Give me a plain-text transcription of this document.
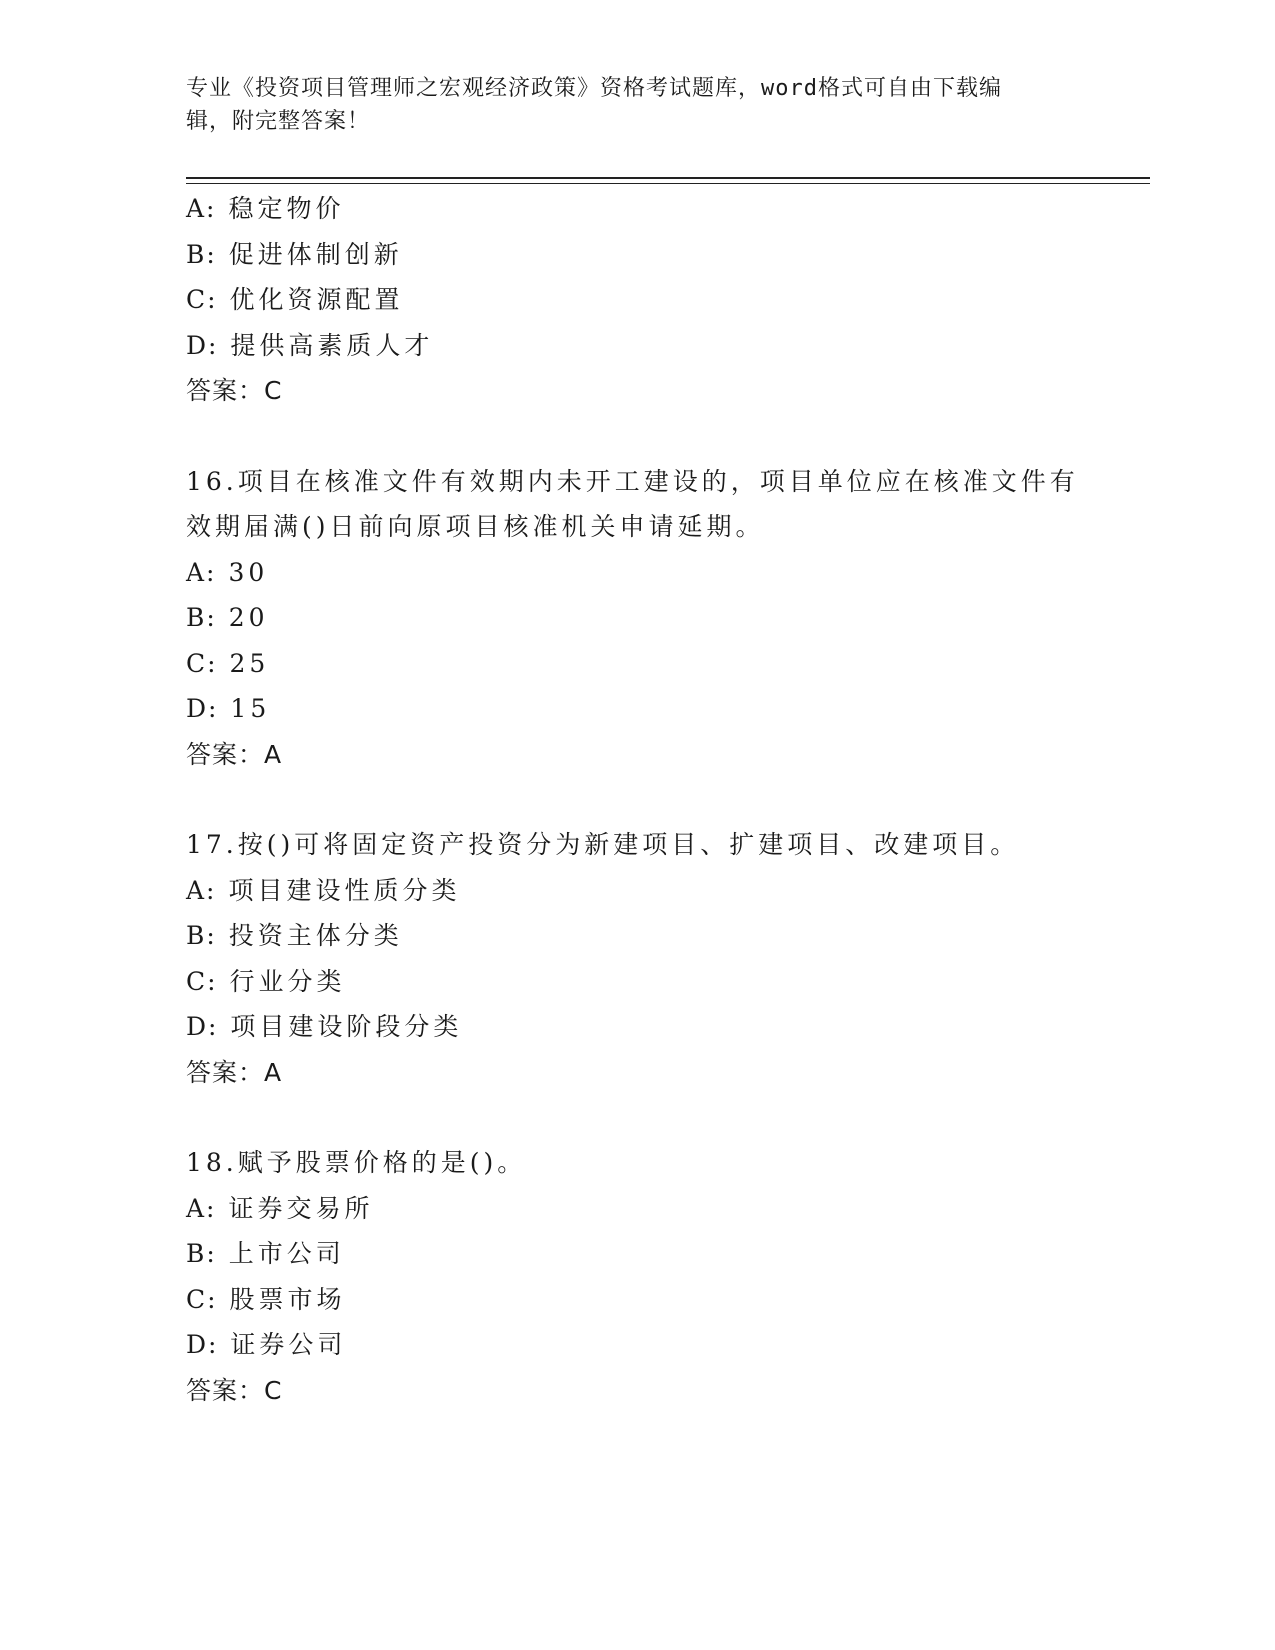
专业《投资项目管理师之宏观经济政策》资格考试题库，word格式可自由下载编
辑，附完整答案！
A: 稳定物价
B: 促进体制创新
C: 优化资源配置
D: 提供高素质人才
答案：C
16.项目在核准文件有效期内未开工建设的，项目单位应在核准文件有
效期届满()日前向原项目核准机关申请延期。
A: 30
B: 20
C: 25
D: 15
答案：A
17.按()可将固定资产投资分为新建项目、扩建项目、改建项目。
A: 项目建设性质分类
B: 投资主体分类
C: 行业分类
D: 项目建设阶段分类
答案：A
18.赋予股票价格的是()。
A: 证券交易所
B: 上市公司
C: 股票市场
D: 证券公司
答案：C
